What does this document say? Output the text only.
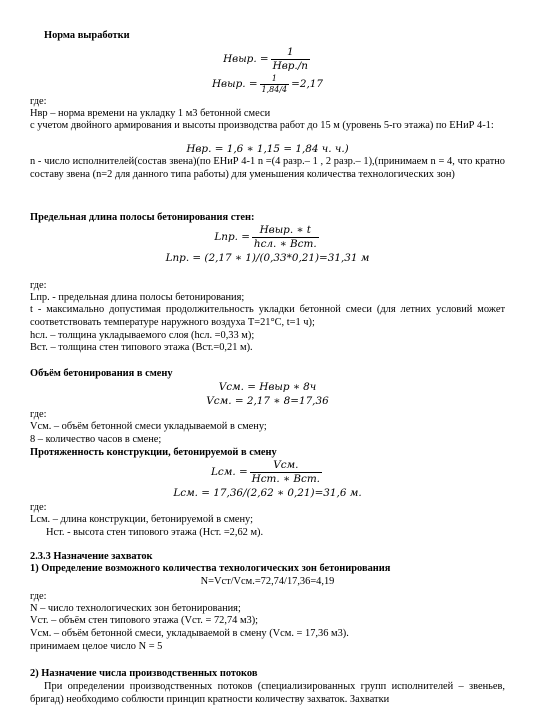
Норма выработки
Нвыр. = $\frac{1}{\text{Нвр./n}}$
Нвыр. = $\frac{1}{1,84/4} =2,17$
где:
Нвр – норма времени на укладку 1 м3 бетонной смеси
с учетом двойного армирования и высоты производства работ до 15 м (уровень 5-го этажа) по ЕНиР 4-1:
Нвр. = 1,6 ∗ 1,15 = 1,84 ч. ч.)
n - число исполнителей(состав звена)(по ЕНиР 4-1 n =(4 разр.– 1 , 2 разр.– 1),(принимаем n = 4, что кратно составу звена (n=2 для данного типа работы) для уменьшения количества технологических зон)
Предельная длина полосы бетонирования стен:
Lпр. = $\frac{\text{Нвыр. ∗ t}}{\text{hсл. ∗ Вст.}}$
Lпр. = (2,17 ∗ 1)/(0,33*0,21)=31,31 м
где:
Lпр. - предельная длина полосы бетонирования;
t - максимально допустимая продолжительность укладки бетонной смеси (для летних условий может соответствовать температуре наружного воздуха Т=21°С, t=1 ч);
hсл. – толщина укладываемого слоя (hсл. =0,33 м);
Вст. – толщина стен типового этажа (Вст.=0,21 м).
Объём бетонирования в смену
Vсм. = Нвыр ∗ 8ч
Vсм. = 2,17 ∗ 8=17,36
где:
Vсм. – объём бетонной смеси укладываемой в смену;
8 – количество часов в смене;
Протяженность конструкции, бетонируемой в смену
Lсм. = $\frac{\text{Vсм.}}{\text{Нст. ∗ Вст.}}$
Lсм. = 17,36/(2,62 ∗ 0,21)=31,6 м.
где:
Lсм. – длина конструкции, бетонируемой в смену;
Нст. - высота стен типового этажа (Нст. =2,62 м).
2.3.3 Назначение захваток
1) Определение возможного количества технологических зон бетонирования
N=Vст/Vсм.=72,74/17,36=4,19
где:
N – число технологических зон бетонирования;
Vст. – объём стен типового этажа (Vст. = 72,74 м3);
Vсм. – объём бетонной смеси, укладываемой в смену (Vсм. = 17,36 м3).
принимаем целое число N = 5
2) Назначение числа производственных потоков
При определении производственных потоков (специализированных групп исполнителей – звеньев, бригад) необходимо соблюсти принцип кратности количеству захваток. Захватки
